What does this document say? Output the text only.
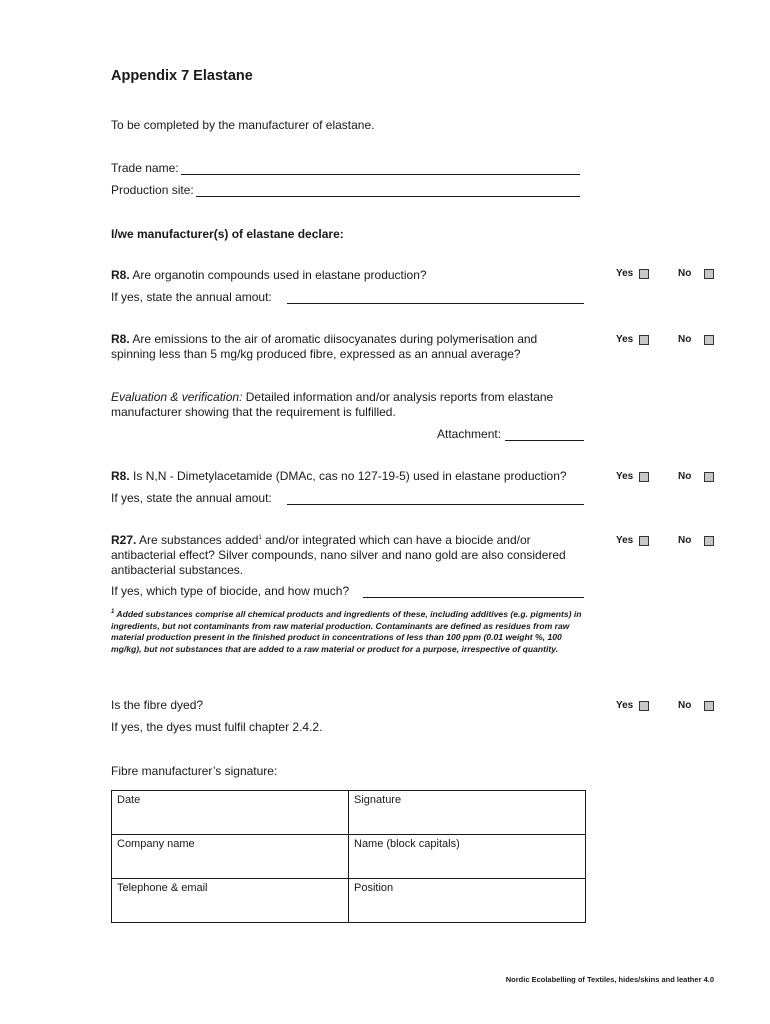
Appendix 7 Elastane
To be completed by the manufacturer of elastane.
Trade name:
Production site:
I/we manufacturer(s) of elastane declare:
R8. Are organotin compounds used in elastane production?
If yes, state the annual amout:
Yes	No
R8. Are emissions to the air of aromatic diisocyanates during polymerisation and
spinning less than 5 mg/kg produced fibre, expressed as an annual average?
Yes	No
Evaluation & verification: Detailed information and/or analysis reports from elastane
manufacturer showing that the requirement is fulfilled.
Attachment:
R8. Is N,N - Dimetylacetamide (DMAc, cas no 127-19-5) used in elastane production?
If yes, state the annual amout:
Yes	No
R27. Are substances added$^1$ and/or integrated which can have a biocide and/or
antibacterial effect? Silver compounds, nano silver and nano gold are also considered
antibacterial substances.
If yes, which type of biocide, and how much?
Yes	No
$^1$ Added substances comprise all chemical products and ingredients of these, including additives (e.g. pigments) in ingredients, but not contaminants from raw material production. Contaminants are defined as residues from raw material production present in the finished product in concentrations of less than 100 ppm (0.01 weight %, 100 mg/kg), but not substances that are added to a raw material or product for a purpose, irrespective of quantity.
Is the fibre dyed?
If yes, the dyes must fulfil chapter 2.4.2.
Yes	No
Fibre manufacturer’s signature:
Date	Signature
Company name	Name (block capitals)
Telephone & email	Position
Nordic Ecolabelling of Textiles, hides/skins and leather 4.0
